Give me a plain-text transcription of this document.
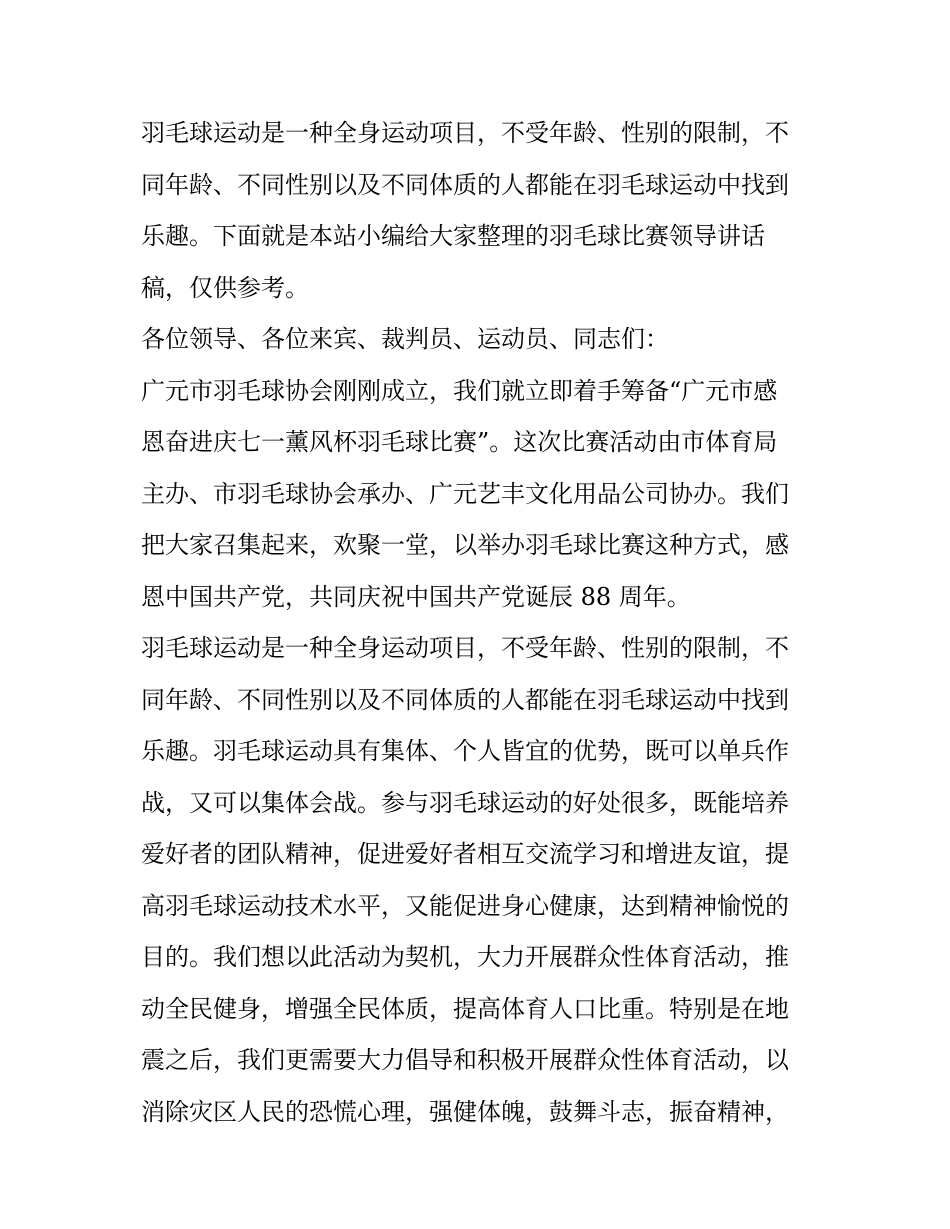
羽毛球运动是一种全身运动项目，不受年龄、性别的限制，不
同年龄、不同性别以及不同体质的人都能在羽毛球运动中找到
乐趣。下面就是本站小编给大家整理的羽毛球比赛领导讲话
稿，仅供参考。
各位领导、各位来宾、裁判员、运动员、同志们：
广元市羽毛球协会刚刚成立，我们就立即着手筹备“广元市感
恩奋进庆七一薰风杯羽毛球比赛”。这次比赛活动由市体育局
主办、市羽毛球协会承办、广元艺丰文化用品公司协办。我们
把大家召集起来，欢聚一堂，以举办羽毛球比赛这种方式，感
恩中国共产党，共同庆祝中国共产党诞辰 88 周年。
羽毛球运动是一种全身运动项目，不受年龄、性别的限制，不
同年龄、不同性别以及不同体质的人都能在羽毛球运动中找到
乐趣。羽毛球运动具有集体、个人皆宜的优势，既可以单兵作
战，又可以集体会战。参与羽毛球运动的好处很多，既能培养
爱好者的团队精神，促进爱好者相互交流学习和增进友谊，提
高羽毛球运动技术水平，又能促进身心健康，达到精神愉悦的
目的。我们想以此活动为契机，大力开展群众性体育活动，推
动全民健身，增强全民体质，提高体育人口比重。特别是在地
震之后，我们更需要大力倡导和积极开展群众性体育活动，以
消除灾区人民的恐慌心理，强健体魄，鼓舞斗志，振奋精神，
